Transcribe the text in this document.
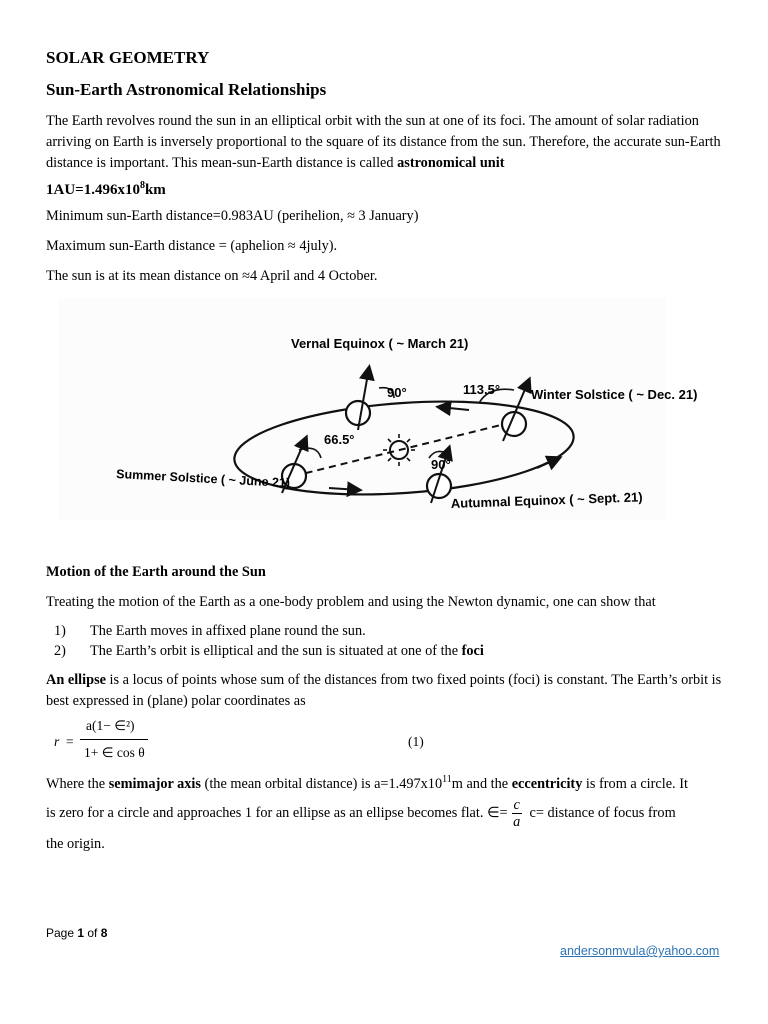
SOLAR GEOMETRY
Sun-Earth Astronomical Relationships
The Earth revolves round the sun in an elliptical orbit with the sun at one of its foci. The amount of solar radiation arriving on Earth is inversely proportional to the square of its distance from the sun. Therefore, the accurate sun-Earth distance is important. This mean-sun-Earth distance is called astronomical unit
$1AU=1.496x10^8km$
Minimum sun-Earth distance=0.983AU (perihelion, ≈ 3 January)
Maximum sun-Earth distance = (aphelion ≈ 4july).
The sun is at its mean distance on ≈4 April and 4 October.
Vernal Equinox ( ~ March 21)
Winter Solstice ( ~ Dec. 21)
Summer Solstice ( ~ June 21)
Autumnal Equinox ( ~ Sept. 21)
90°	113.5°
66.5°
90°
Motion of the Earth around the Sun
Treating the motion of the Earth as a one-body problem and using the Newton dynamic, one can show that
1) The Earth moves in affixed plane round the sun.
2) The Earth’s orbit is elliptical and the sun is situated at one of the foci
An ellipse is a locus of points whose sum of the distances from two fixed points (foci) is constant. The Earth’s orbit is best expressed in (plane) polar coordinates as
r =
a(1− ∈²)
1+ ∈ cos θ
(1)
Where the semimajor axis (the mean orbital distance) is $a=1.497x10^{11}m$ and the eccentricity is from a circle. It
is zero for a circle and approaches 1 for an ellipse as an ellipse becomes flat. ∈= $\frac{c}{a} c=$ distance of focus from
the origin.
Page 1 of 8
andersonmvula@yahoo.com
